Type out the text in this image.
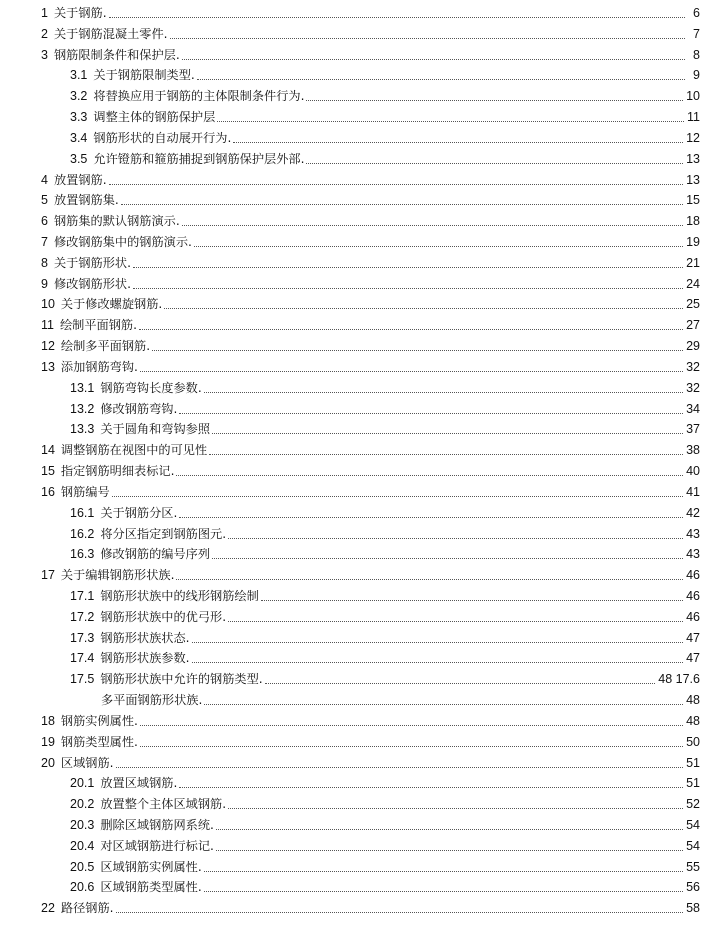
1 关于钢筋.	6
2 关于钢筋混凝土零件.	7
3 钢筋限制条件和保护层.	8
3.1 关于钢筋限制类型.	9
3.2 将替换应用于钢筋的主体限制条件行为.	10
3.3 调整主体的钢筋保护层	11
3.4 钢筋形状的自动展开行为.	12
3.5 允许镫筋和箍筋捕捉到钢筋保护层外部.	13
4 放置钢筋.	13
5 放置钢筋集.	15
6 钢筋集的默认钢筋演示.	18
7 修改钢筋集中的钢筋演示.	19
8 关于钢筋形状.	21
9 修改钢筋形状.	24
10 关于修改螺旋钢筋.	25
11 绘制平面钢筋.	27
12 绘制多平面钢筋.	29
13 添加钢筋弯钩.	32
13.1 钢筋弯钩长度参数.	32
13.2 修改钢筋弯钩.	34
13.3 关于圆角和弯钩参照	37
14 调整钢筋在视图中的可见性	38
15 指定钢筋明细表标记.	40
16 钢筋编号	41
16.1 关于钢筋分区.	42
16.2 将分区指定到钢筋图元.	43
16.3 修改钢筋的编号序列	43
17 关于编辑钢筋形状族.	46
17.1 钢筋形状族中的线形钢筋绘制	46
17.2 钢筋形状族中的优弓形.	46
17.3 钢筋形状族状态.	47
17.4 钢筋形状族参数.	47
17.5 钢筋形状族中允许的钢筋类型.	48 17.6
多平面钢筋形状族.	48
18 钢筋实例属性.	48
19 钢筋类型属性.	50
20 区域钢筋.	51
20.1 放置区域钢筋.	51
20.2 放置整个主体区域钢筋.	52
20.3 删除区域钢筋网系统.	54
20.4 对区域钢筋进行标记.	54
20.5 区域钢筋实例属性.	55
20.6 区域钢筋类型属性.	56
22 路径钢筋.	58
